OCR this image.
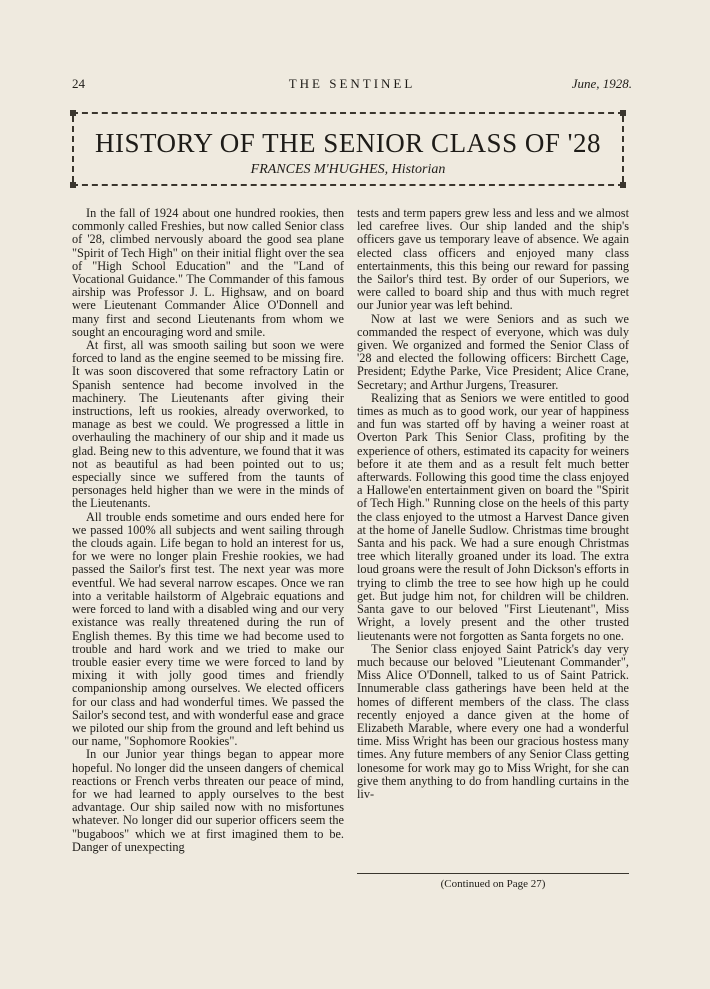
24	THE SENTINEL	June, 1928.
HISTORY OF THE SENIOR CLASS OF '28
FRANCES M'HUGHES, Historian

In the fall of 1924 about one hundred rookies, then commonly called Freshies, but now called Senior class of '28, climbed nervously aboard the good sea plane "Spirit of Tech High" on their initial flight over the sea of "High School Education" and the "Land of Vocational Guidance." The Commander of this famous airship was Professor J. L. Highsaw, and on board were Lieutenant Commander Alice O'Donnell and many first and second Lieutenants from whom we sought an encouraging word and smile.

At first, all was smooth sailing but soon we were forced to land as the engine seemed to be missing fire. It was soon discovered that some refractory Latin or Spanish sentence had become involved in the machinery. The Lieutenants after giving their instructions, left us rookies, already overworked, to manage as best we could. We progressed a little in overhauling the machinery of our ship and it made us glad. Being new to this adventure, we found that it was not as beautiful as had been pointed out to us; especially since we suffered from the taunts of personages held higher than we were in the minds of the Lieutenants.

All trouble ends sometime and ours ended here for we passed 100% all subjects and went sailing through the clouds again. Life began to hold an interest for us, for we were no longer plain Freshie rookies, we had passed the Sailor's first test. The next year was more eventful. We had several narrow escapes. Once we ran into a veritable hailstorm of Algebraic equations and were forced to land with a disabled wing and our very existance was really threatened during the run of English themes. By this time we had become used to trouble and hard work and we tried to make our trouble easier every time we were forced to land by mixing it with jolly good times and friendly companionship among ourselves. We elected officers for our class and had wonderful times. We passed the Sailor's second test, and with wonderful ease and grace we piloted our ship from the ground and left behind us our name, "Sophomore Rookies".

In our Junior year things began to appear more hopeful. No longer did the unseen dangers of chemical reactions or French verbs threaten our peace of mind, for we had learned to apply ourselves to the best advantage. Our ship sailed now with no misfortunes whatever. No longer did our superior officers seem the "bugaboos" which we at first imagined them to be. Danger of unexpecting

tests and term papers grew less and less and we almost led carefree lives. Our ship landed and the ship's officers gave us temporary leave of absence. We again elected class officers and enjoyed many class entertainments, this this being our reward for passing the Sailor's third test. By order of our Superiors, we were called to board ship and thus with much regret our Junior year was left behind.

Now at last we were Seniors and as such we commanded the respect of everyone, which was duly given. We organized and formed the Senior Class of '28 and elected the following officers: Birchett Cage, President; Edythe Parke, Vice President; Alice Crane, Secretary; and Arthur Jurgens, Treasurer.

Realizing that as Seniors we were entitled to good times as much as to good work, our year of happiness and fun was started off by having a weiner roast at Overton Park This Senior Class, profiting by the experience of others, estimated its capacity for weiners before it ate them and as a result felt much better afterwards. Following this good time the class enjoyed a Hallowe'en entertainment given on board the "Spirit of Tech High." Running close on the heels of this party the class enjoyed to the utmost a Harvest Dance given at the home of Janelle Sudlow. Christmas time brought Santa and his pack. We had a sure enough Christmas tree which literally groaned under its load. The extra loud groans were the result of John Dickson's efforts in trying to climb the tree to see how high up he could get. But judge him not, for children will be children. Santa gave to our beloved "First Lieutenant", Miss Wright, a lovely present and the other trusted lieutenants were not forgotten as Santa forgets no one.

The Senior class enjoyed Saint Patrick's day very much because our beloved "Lieutenant Commander", Miss Alice O'Donnell, talked to us of Saint Patrick. Innumerable class gatherings have been held at the homes of different members of the class. The class recently enjoyed a dance given at the home of Elizabeth Marable, where every one had a wonderful time. Miss Wright has been our gracious hostess many times. Any future members of any Senior Class getting lonesome for work may go to Miss Wright, for she can give them anything to do from handling curtains in the liv-

(Continued on Page 27)
